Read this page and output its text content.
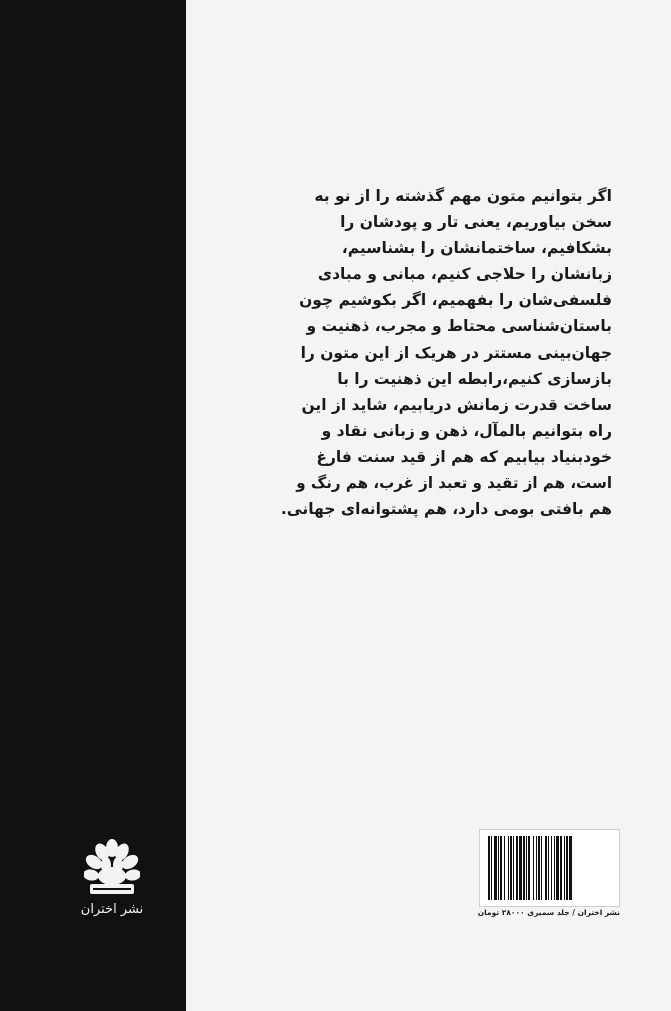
نشر اختران
اگر بتوانیم متون مهم گذشته را از نو به
سخن بیاوریم، یعنی تار و پودشان را
بشکافیم، ساختمانشان را بشناسیم،
زبانشان را حلاجی کنیم، مبانی و مبادی
فلسفی‌شان را بفهمیم، اگر بکوشیم چون
باستان‌شناسی محتاط و مجرب، ذهنیت و
جهان‌بینی مستتر در هریک از این متون را
بازسازی کنیم،رابطه این ذهنیت را با
ساخت قدرت زمانش دریابیم، شاید از این
راه بتوانیم بالمآل، ذهن و زبانی نقاد و
خودبنیاد بیابیم که هم از قید سنت فارغ
است، هم از تقید و تعبد از غرب، هم رنگ و
هم بافتی بومی دارد، هم پشتوانه‌ای جهانی.
نشر اختران / جلد سمیری ۲۸۰۰۰ تومان
